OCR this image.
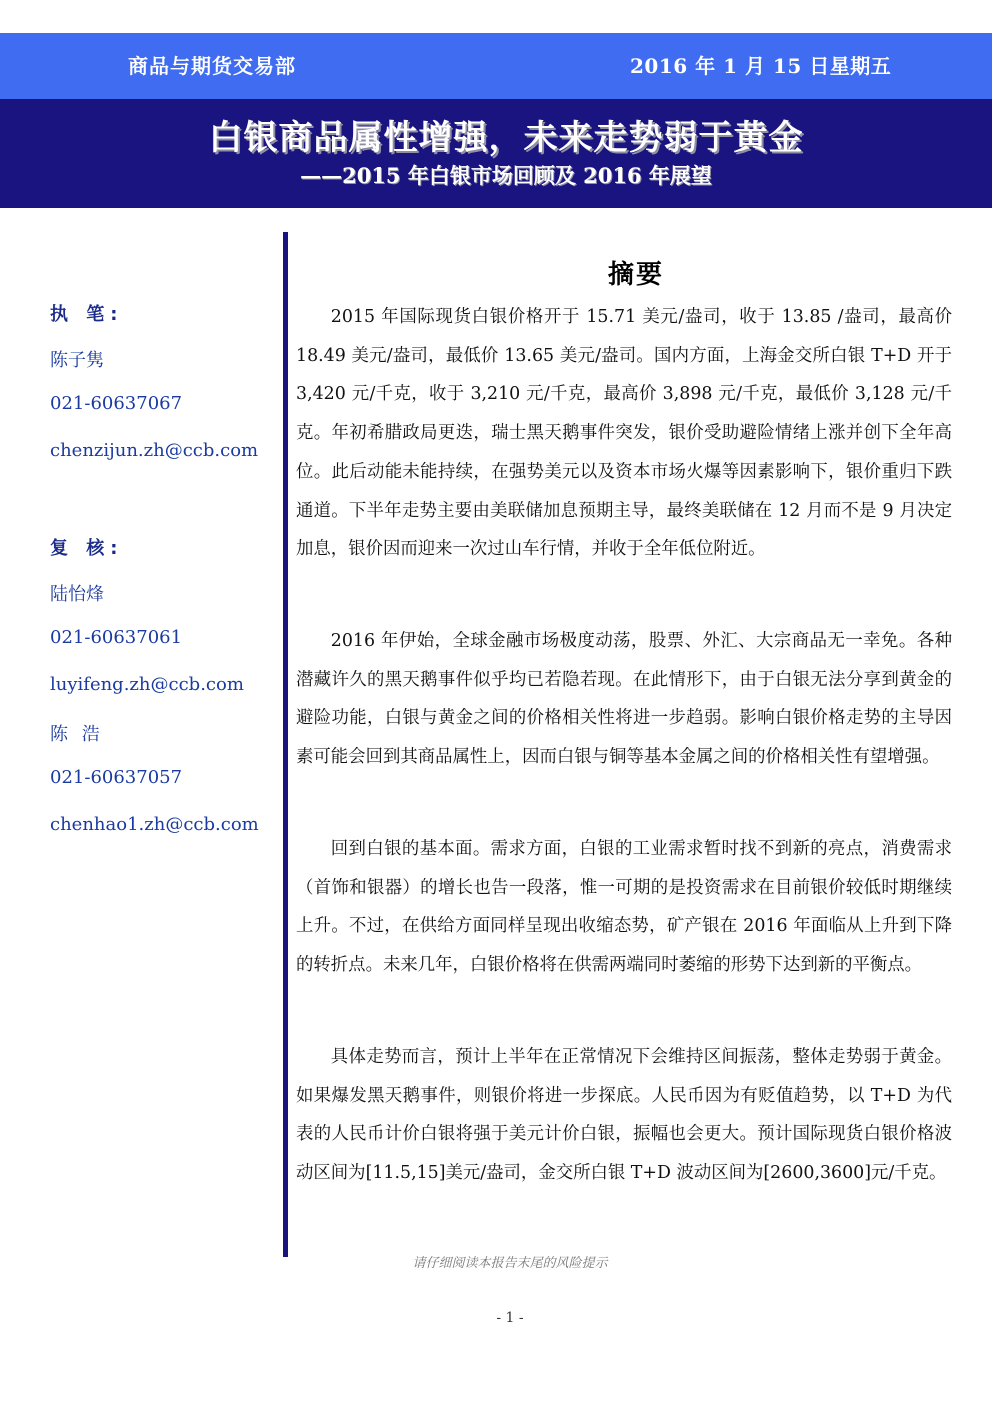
商品与期货交易部	2016 年 1 月 15 日星期五
白银商品属性增强，未来走势弱于黄金
——2015 年白银市场回顾及 2016 年展望
执 笔:
陈子隽
021-60637067
chenzijun.zh@ccb.com
复 核:
陆怡烽
021-60637061
luyifeng.zh@ccb.com
陈 浩
021-60637057
chenhao1.zh@ccb.com
摘要

2015 年国际现货白银价格开于 15.71 美元/盎司，收于 13.85 /盎司，最高价 18.49 美元/盎司，最低价 13.65 美元/盎司。国内方面，上海金交所白银 T+D 开于 3,420 元/千克，收于 3,210 元/千克，最高价 3,898 元/千克，最低价 3,128 元/千克。年初希腊政局更迭，瑞士黑天鹅事件突发，银价受助避险情绪上涨并创下全年高位。此后动能未能持续，在强势美元以及资本市场火爆等因素影响下，银价重归下跌通道。下半年走势主要由美联储加息预期主导，最终美联储在 12 月而不是 9 月决定加息，银价因而迎来一次过山车行情，并收于全年低位附近。

2016 年伊始，全球金融市场极度动荡，股票、外汇、大宗商品无一幸免。各种潜藏许久的黑天鹅事件似乎均已若隐若现。在此情形下，由于白银无法分享到黄金的避险功能，白银与黄金之间的价格相关性将进一步趋弱。影响白银价格走势的主导因素可能会回到其商品属性上，因而白银与铜等基本金属之间的价格相关性有望增强。

回到白银的基本面。需求方面，白银的工业需求暂时找不到新的亮点，消费需求（首饰和银器）的增长也告一段落，惟一可期的是投资需求在目前银价较低时期继续上升。不过，在供给方面同样呈现出收缩态势，矿产银在 2016 年面临从上升到下降的转折点。未来几年，白银价格将在供需两端同时萎缩的形势下达到新的平衡点。

具体走势而言，预计上半年在正常情况下会维持区间振荡，整体走势弱于黄金。如果爆发黑天鹅事件，则银价将进一步探底。人民币因为有贬值趋势，以 T+D 为代表的人民币计价白银将强于美元计价白银，振幅也会更大。预计国际现货白银价格波动区间为[11.5,15]美元/盎司，金交所白银 T+D 波动区间为[2600,3600]元/千克。

请仔细阅读本报告末尾的风险提示
- 1 -
